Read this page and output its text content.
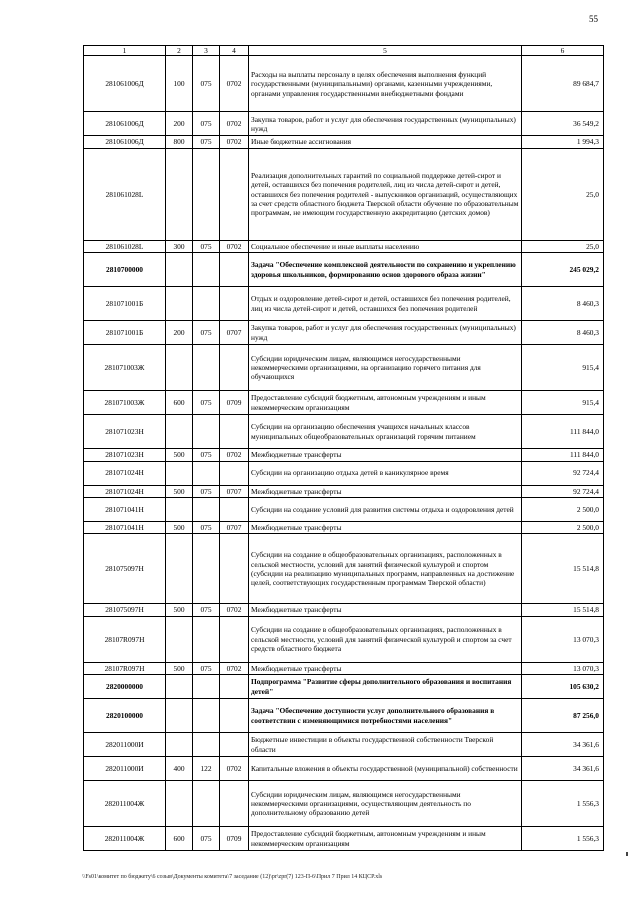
55
1	2	3	4	5	6
281061006Д	100	075	0702	Расходы на выплаты персоналу в целях обеспечения выполнения функций государственными (муниципальными) органами, казенными учреждениями, органами управления государственными внебюджетными фондами	89 684,7
281061006Д	200	075	0702	Закупка товаров, работ и услуг для обеспечения государственных (муниципальных) нужд	36 549,2
281061006Д	800	075	0702	Иные бюджетные ассигнования	1 994,3
281061028L				Реализация дополнительных гарантий по социальной поддержке детей-сирот и детей, оставшихся без попечения родителей, лиц из числа детей-сирот и детей, оставшихся без попечения родителей - выпускников организаций, осуществляющих за счет средств областного бюджета Тверской области обучение по образовательным программам, не имеющим государственную аккредитацию (детских домов)	25,0
281061028L	300	075	0702	Социальное обеспечение и иные выплаты населению	25,0
2810700000				Задача "Обеспечение комплексной деятельности по сохранению и укреплению здоровья школьников, формированию основ здорового образа жизни"	245 029,2
281071001Б				Отдых и оздоровление детей-сирот и детей, оставшихся без попечения родителей, лиц из числа детей-сирот и детей, оставшихся без попечения родителей	8 460,3
281071001Б	200	075	0707	Закупка товаров, работ и услуг для обеспечения государственных (муниципальных) нужд	8 460,3
281071003Ж				Субсидии юридическим лицам, являющимся негосударственными некоммерческими организациями, на организацию горячего питания для обучающихся	915,4
281071003Ж	600	075	0709	Предоставление субсидий бюджетным, автономным учреждениям и иным некоммерческим организациям	915,4
281071023Н				Субсидии на организацию обеспечения учащихся начальных классов муниципальных общеобразовательных организаций горячим питанием	111 844,0
281071023Н	500	075	0702	Межбюджетные трансферты	111 844,0
281071024Н				Субсидии на организацию отдыха детей в каникулярное время	92 724,4
281071024Н	500	075	0707	Межбюджетные трансферты	92 724,4
281071041Н				Субсидии на создание условий для развития системы отдыха и оздоровления детей	2 500,0
281071041Н	500	075	0707	Межбюджетные трансферты	2 500,0
281075097Н				Субсидии на создание в общеобразовательных организациях, расположенных в сельской местности, условий для занятий физической культурой и спортом (субсидии на реализацию муниципальных программ, направленных на достижение целей, соответствующих государственным программам Тверской области)	15 514,8
281075097Н	500	075	0702	Межбюджетные трансферты	15 514,8
28107R097Н				Субсидии на создание в общеобразовательных организациях, расположенных в сельской местности, условий для занятий физической культурой и спортом за счет средств областного бюджета	13 070,3
28107R097Н	500	075	0702	Межбюджетные трансферты	13 070,3
2820000000				Подпрограмма "Развитие сферы дополнительного образования и воспитания детей"	105 630,2
2820100000				Задача "Обеспечение доступности услуг дополнительного образования в соответствии с изменяющимися потребностями населения"	87 256,0
282011000И				Бюджетные инвестиции в объекты государственной собственности Тверской области	34 361,6
282011000И	400	122	0702	Капитальные вложения в объекты государственной (муниципальной) собственности	34 361,6
282011004Ж				Субсидии юридическим лицам, являющимся негосударственными некоммерческими организациями, осуществляющим деятельность по дополнительному образованию детей	1 556,3
282011004Ж	600	075	0709	Предоставление субсидий бюджетным, автономным учреждениям и иным некоммерческим организациям	1 556,3
\\Fs01\комитет по бюджету\6 созыв\Документы комитета\7 заседание (12)\pr\zpr(7) 123-П-6\Прил 7 Прил 14 КЦСР.xls
